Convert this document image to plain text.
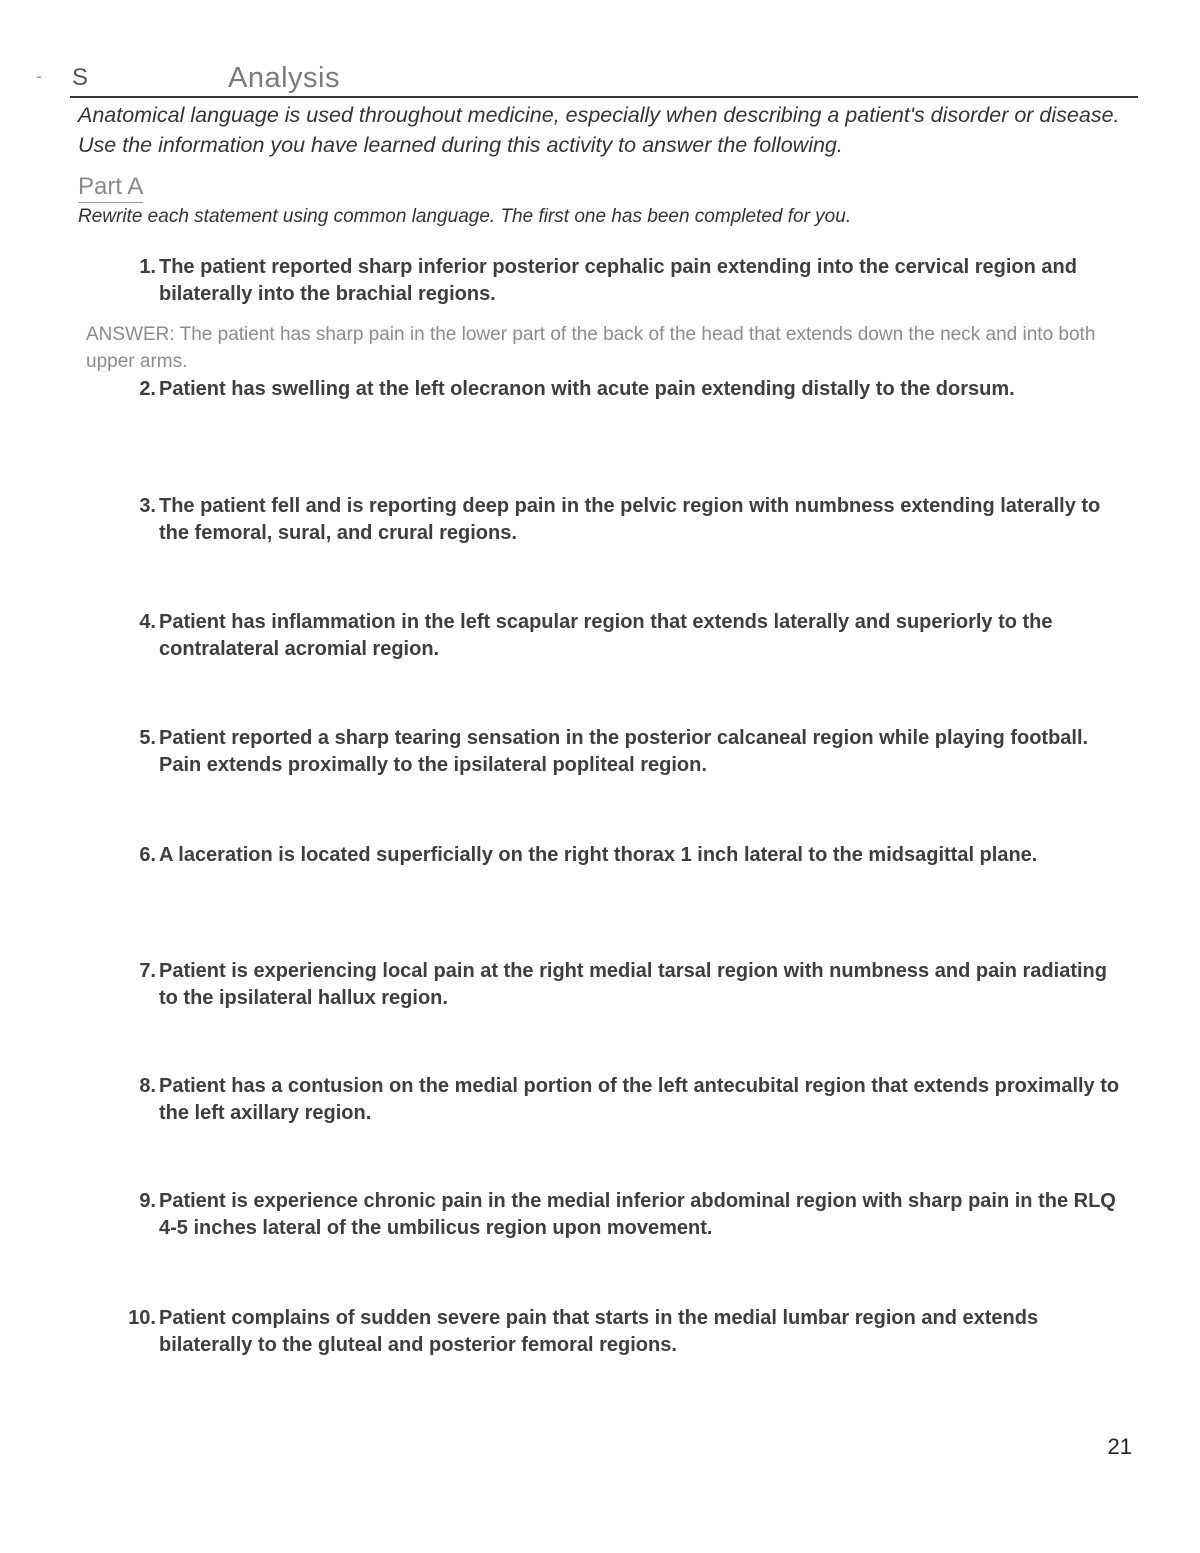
- S	Analysis
Anatomical language is used throughout medicine, especially when describing a patient's disorder or disease. Use the information you have learned during this activity to answer the following.
Part A
Rewrite each statement using common language. The first one has been completed for you.
1. The patient reported sharp inferior posterior cephalic pain extending into the cervical region and bilaterally into the brachial regions.
ANSWER: The patient has sharp pain in the lower part of the back of the head that extends down the neck and into both upper arms.
2. Patient has swelling at the left olecranon with acute pain extending distally to the dorsum.
3. The patient fell and is reporting deep pain in the pelvic region with numbness extending laterally to the femoral, sural, and crural regions.
4. Patient has inflammation in the left scapular region that extends laterally and superiorly to the contralateral acromial region.
5. Patient reported a sharp tearing sensation in the posterior calcaneal region while playing football. Pain extends proximally to the ipsilateral popliteal region.
6. A laceration is located superficially on the right thorax 1 inch lateral to the midsagittal plane.
7. Patient is experiencing local pain at the right medial tarsal region with numbness and pain radiating to the ipsilateral hallux region.
8. Patient has a contusion on the medial portion of the left antecubital region that extends proximally to the left axillary region.
9. Patient is experience chronic pain in the medial inferior abdominal region with sharp pain in the RLQ 4-5 inches lateral of the umbilicus region upon movement.
10. Patient complains of sudden severe pain that starts in the medial lumbar region and extends bilaterally to the gluteal and posterior femoral regions.
21
